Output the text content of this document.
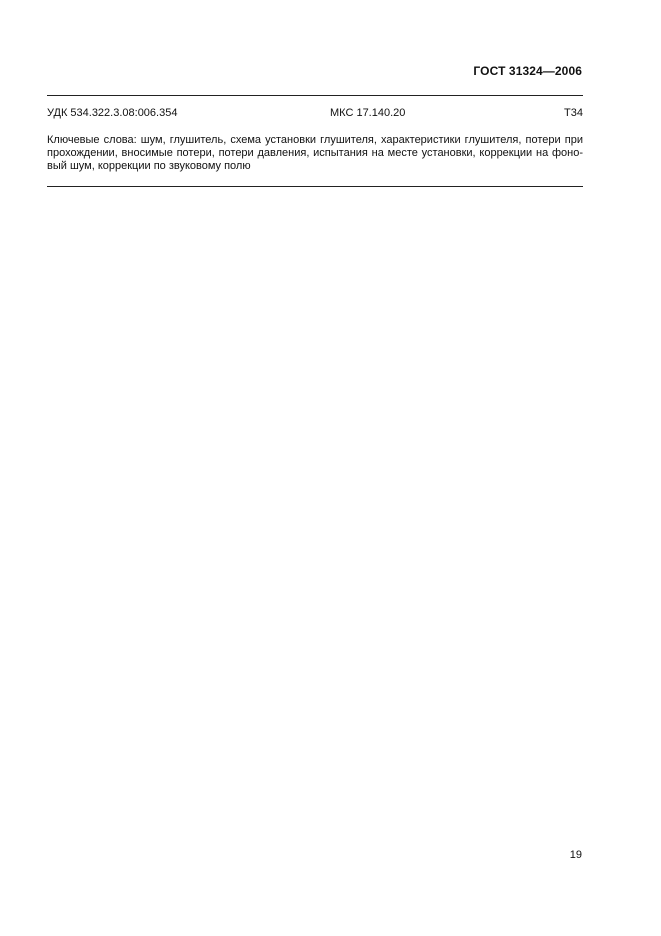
ГОСТ 31324—2006
УДК 534.322.3.08:006.354	МКС 17.140.20	Т34
Ключевые слова: шум, глушитель, схема установки глушителя, характеристики глушителя, потери при
прохождении, вносимые потери, потери давления, испытания на месте установки, коррекции на фоно-
вый шум, коррекции по звуковому полю
19
